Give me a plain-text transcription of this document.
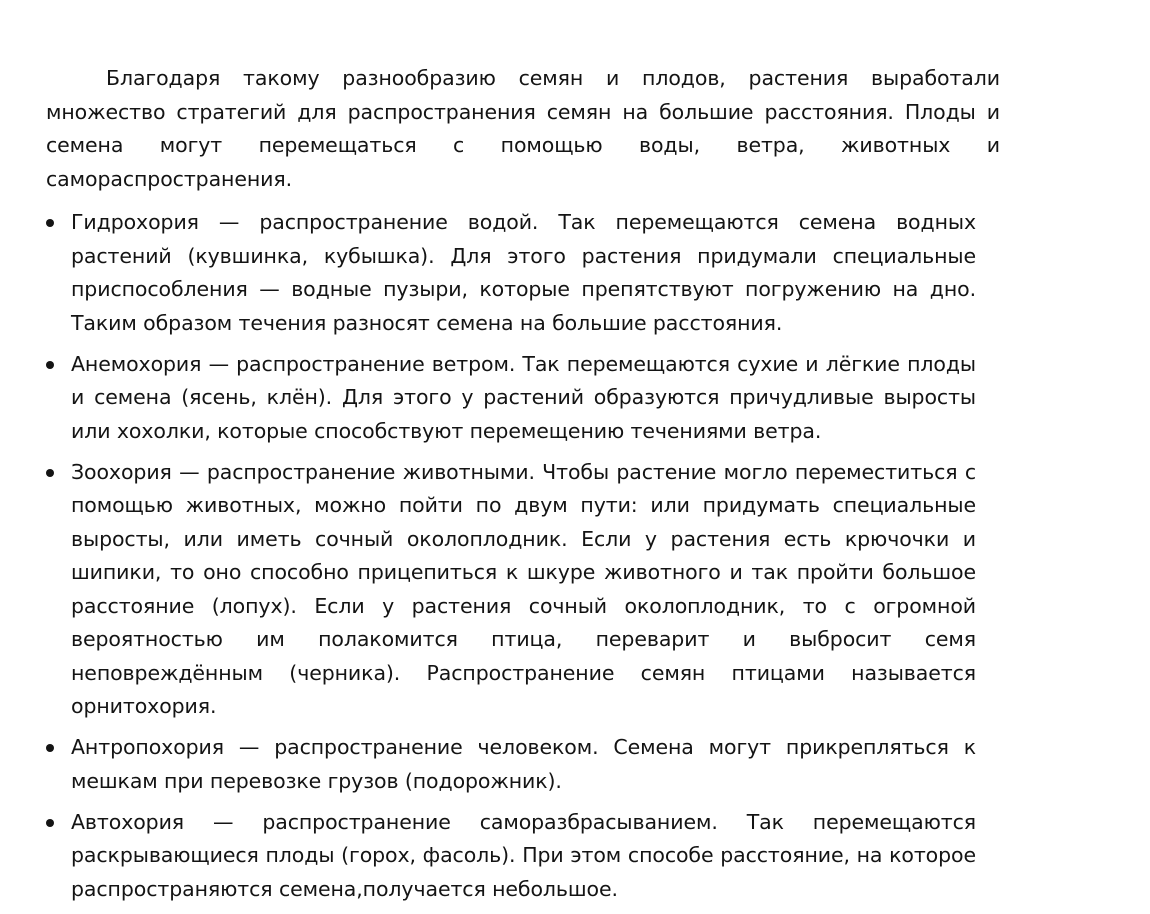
Благодаря такому разнообразию семян и плодов, растения выработали множество стратегий для распространения семян на большие расстояния. Плоды и семена могут перемещаться с помощью воды, ветра, животных и самораспространения.

Гидрохория — распространение водой. Так перемещаются семена водных растений (кувшинка, кубышка). Для этого растения придумали специальные приспособления — водные пузыри, которые препятствуют погружению на дно. Таким образом течения разносят семена на большие расстояния.
Анемохория — распространение ветром. Так перемещаются сухие и лёгкие плоды и семена (ясень, клён). Для этого у растений образуются причудливые выросты или хохолки, которые способствуют перемещению течениями ветра.
Зоохория — распространение животными. Чтобы растение могло переместиться с помощью животных, можно пойти по двум пути: или придумать специальные выросты, или иметь сочный околоплодник. Если у растения есть крючочки и шипики, то оно способно прицепиться к шкуре животного и так пройти большое расстояние (лопух). Если у растения сочный околоплодник, то с огромной вероятностью им полакомится птица, переварит и выбросит семя неповреждённым (черника). Распространение семян птицами называется орнитохория.
Антропохория — распространение человеком. Семена могут прикрепляться к мешкам при перевозке грузов (подорожник).
Автохория — распространение саморазбрасыванием. Так перемещаются раскрывающиеся плоды (горох, фасоль). При этом способе расстояние, на которое распространяются семена,получается небольшое.
